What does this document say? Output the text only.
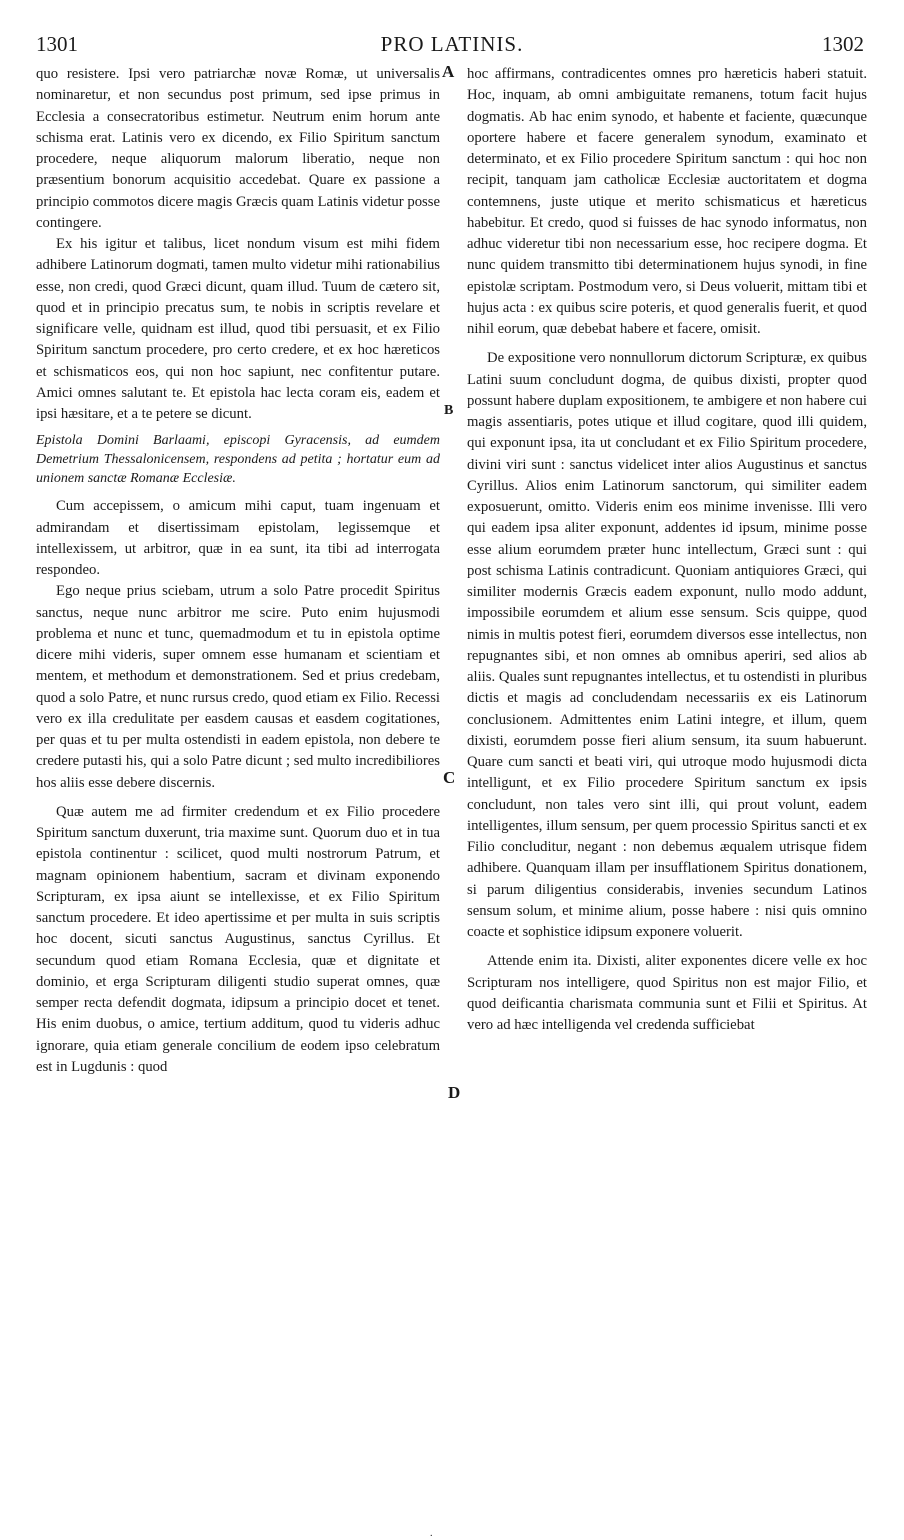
1301	PRO LATINIS.	1302

quo resistere. Ipsi vero patriarchæ novæ Romæ, ut universalis nominaretur, et non secundus post primum, sed ipse primus in Ecclesia a consecratoribus estimetur. Neutrum enim horum ante schisma erat. Latinis vero ex dicendo, ex Filio Spiritum sanctum procedere, neque aliquorum malorum liberatio, neque non præsentium bonorum acquisitio accedebat. Quare ex passione a principio commotos dicere magis Græcis quam Latinis videtur posse contingere.

Ex his igitur et talibus, licet nondum visum est mihi fidem adhibere Latinorum dogmati, tamen multo videtur mihi rationabilius esse, non credi, quod Græci dicunt, quam illud. Tuum de cætero sit, quod et in principio precatus sum, te nobis in scriptis revelare et significare velle, quidnam est illud, quod tibi persuasit, et ex Filio Spiritum sanctum procedere, pro certo credere, et ex hoc hæreticos et schismaticos eos, qui non hoc sapiunt, nec confitentur putare. Amici omnes salutant te. Et epistola hac lecta coram eis, eadem et ipsi hæsitare, et a te petere se dicunt.

Epistola Domini Barlaami, episcopi Gyracensis, ad eumdem Demetrium Thessalonicensem, respondens ad petita ; hortatur eum ad unionem sanctæ Romanæ Ecclesiæ.

Cum accepissem, o amicum mihi caput, tuam ingenuam et admirandam et disertissimam epistolam, legissemque et intellexissem, ut arbitror, quæ in ea sunt, ita tibi ad interrogata respondeo.

Ego neque prius sciebam, utrum a solo Patre procedit Spiritus sanctus, neque nunc arbitror me scire. Puto enim hujusmodi problema et nunc et tunc, quemadmodum et tu in epistola optime dicere mihi videris, super omnem esse humanam et scientiam et mentem, et methodum et demonstrationem. Sed et prius credebam, quod a solo Patre, et nunc rursus credo, quod etiam ex Filio. Recessi vero ex illa credulitate per easdem causas et easdem cogitationes, per quas et tu per multa ostendisti in eadem epistola, non debere te credere putasti his, qui a solo Patre dicunt ; sed multo incredibiliores hos aliis esse debere discernis.

Quæ autem me ad firmiter credendum et ex Filio procedere Spiritum sanctum duxerunt, tria maxime sunt. Quorum duo et in tua epistola continentur : scilicet, quod multi nostrorum Patrum, et magnam opinionem habentium, sacram et divinam exponendo Scripturam, ex ipsa aiunt se intellexisse, et ex Filio Spiritum sanctum procedere. Et ideo apertissime et per multa in suis scriptis hoc docent, sicuti sanctus Augustinus, sanctus Cyrillus. Et secundum quod etiam Romana Ecclesia, quæ et dignitate et dominio, et erga Scripturam diligenti studio superat omnes, quæ semper recta defendit dogmata, idipsum a principio docet et tenet. His enim duobus, o amice, tertium additum, quod tu videris adhuc ignorare, quia etiam generale concilium de eodem ipso celebratum est in Lugdunis : quod

A
B
C
D

hoc affirmans, contradicentes omnes pro hæreticis haberi statuit. Hoc, inquam, ab omni ambiguitate remanens, totum facit hujus dogmatis. Ab hac enim synodo, et habente et faciente, quæcunque oportere habere et facere generalem synodum, examinato et determinato, et ex Filio procedere Spiritum sanctum : qui hoc non recipit, tanquam jam catholicæ Ecclesiæ auctoritatem et dogma contemnens, juste utique et merito schismaticus et hæreticus habebitur. Et credo, quod si fuisses de hac synodo informatus, non adhuc videretur tibi non necessarium esse, hoc recipere dogma. Et nunc quidem transmitto tibi determinationem hujus synodi, in fine epistolæ scriptam. Postmodum vero, si Deus voluerit, mittam tibi et hujus acta : ex quibus scire poteris, et quod generalis fuerit, et quod nihil eorum, quæ debebat habere et facere, omisit.

De expositione vero nonnullorum dictorum Scripturæ, ex quibus Latini suum concludunt dogma, de quibus dixisti, propter quod possunt habere duplam expositionem, te ambigere et non habere cui magis assentiaris, potes utique et illud cogitare, quod illi quidem, qui exponunt ipsa, ita ut concludant et ex Filio Spiritum procedere, divini viri sunt : sanctus videlicet inter alios Augustinus et sanctus Cyrillus. Alios enim Latinorum sanctorum, qui similiter eadem exposuerunt, omitto. Videris enim eos minime invenisse. Illi vero qui eadem ipsa aliter exponunt, addentes id ipsum, minime posse esse alium eorumdem præter hunc intellectum, Græci sunt : qui post schisma Latinis contradicunt. Quoniam antiquiores Græci, qui similiter modernis Græcis eadem exponunt, nullo modo addunt, impossibile eorumdem et alium esse sensum. Scis quippe, quod nimis in multis potest fieri, eorumdem diversos esse intellectus, non repugnantes sibi, et non omnes ab omnibus aperiri, sed alios ab aliis. Quales sunt repugnantes intellectus, et tu ostendisti in pluribus dictis et magis ad concludendam necessariis ex eis Latinorum conclusionem. Admittentes enim Latini integre, et illum, quem dixisti, eorumdem posse fieri alium sensum, ita suum habuerunt. Quare cum sancti et beati viri, qui utroque modo hujusmodi dicta intelligunt, et ex Filio procedere Spiritum sanctum ex ipsis concludunt, non tales vero sint illi, qui prout volunt, eadem intelligentes, illum sensum, per quem processio Spiritus sancti et ex Filio concluditur, negant : non debemus æqualem utrisque fidem adhibere. Quanquam illam per insufflationem Spiritus donationem, si parum diligentius considerabis, invenies secundum Latinos sensum solum, et minime alium, posse habere : nisi quis omnino coacte et sophistice idipsum exponere voluerit.

Attende enim ita. Dixisti, aliter exponentes dicere velle ex hoc Scripturam nos intelligere, quod Spiritus non est major Filio, et quod deificantia charismata communia sunt et Filii et Spiritus. At vero ad hæc intelligenda vel credenda sufficiebat

.
